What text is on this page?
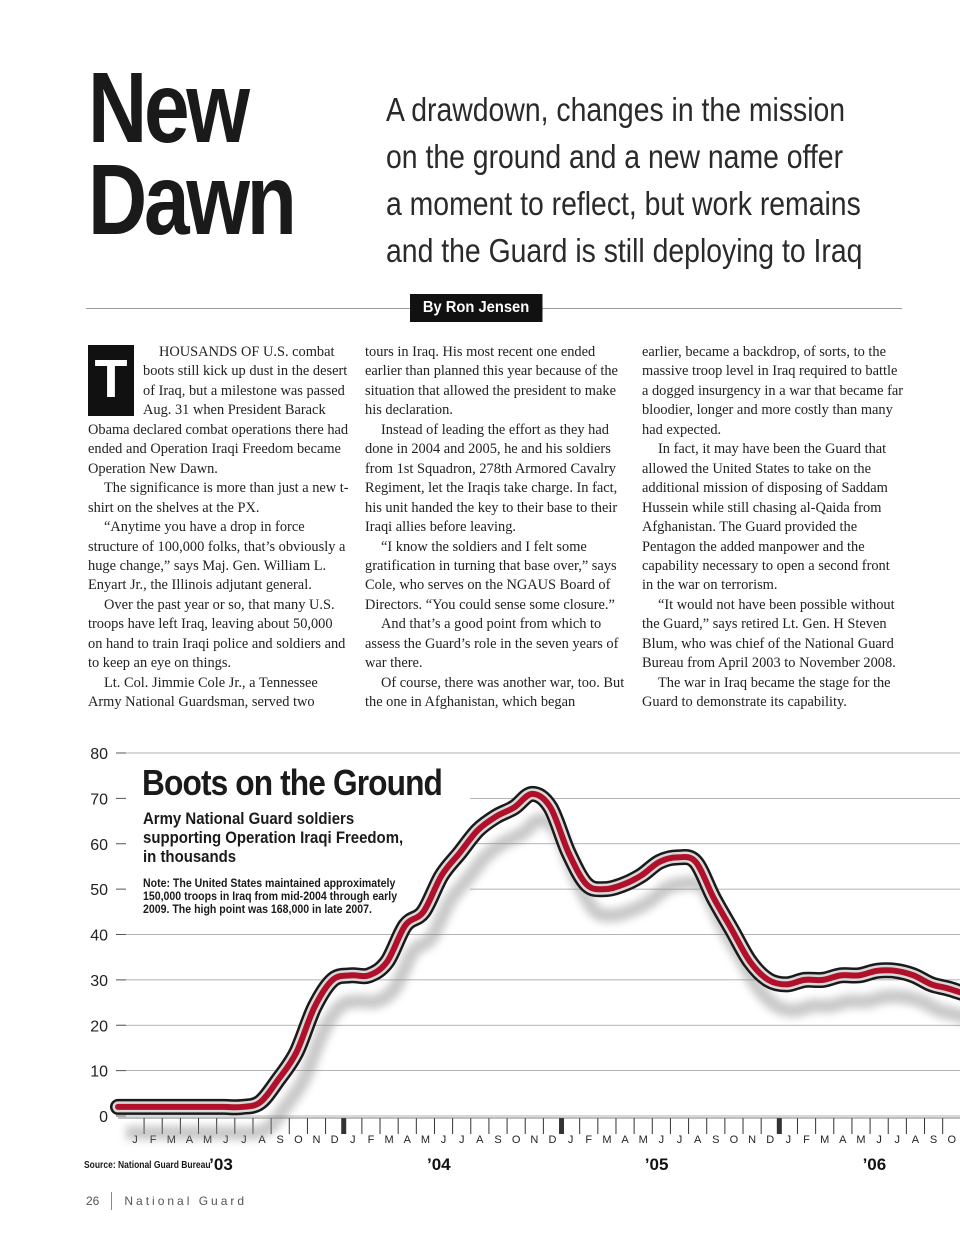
New
Dawn
A drawdown, changes in the mission
on the ground and a new name offer
a moment to reflect, but work remains
and the Guard is still deploying to Iraq
By Ron Jensen
T	HOUSANDS OF U.S. combat boots still kick up dust in the desert of Iraq, but a milestone was passed Aug. 31 when President Barack Obama declared combat operations there had ended and Operation Iraqi Freedom became Operation New Dawn.

The significance is more than just a new t-shirt on the shelves at the PX.

“Anytime you have a drop in force structure of 100,000 folks, that’s obviously a huge change,” says Maj. Gen. William L. Enyart Jr., the Illinois adjutant general.

Over the past year or so, that many U.S. troops have left Iraq, leaving about 50,000 on hand to train Iraqi police and soldiers and to keep an eye on things.

Lt. Col. Jimmie Cole Jr., a Tennessee Army National Guardsman, served two

tours in Iraq. His most recent one ended earlier than planned this year because of the situation that allowed the president to make his declaration.

Instead of leading the effort as they had done in 2004 and 2005, he and his soldiers from 1st Squadron, 278th Armored Cavalry Regiment, let the Iraqis take charge. In fact, his unit handed the key to their base to their Iraqi allies before leaving.

“I know the soldiers and I felt some gratification in turning that base over,” says Cole, who serves on the NGAUS Board of Directors. “You could sense some closure.”

And that’s a good point from which to assess the Guard’s role in the seven years of war there.

Of course, there was another war, too. But the one in Afghanistan, which began

earlier, became a backdrop, of sorts, to the massive troop level in Iraq required to battle a dogged insurgency in a war that became far bloodier, longer and more costly than many had expected.

In fact, it may have been the Guard that allowed the United States to take on the additional mission of disposing of Saddam Hussein while still chasing al-Qaida from Afghanistan. The Guard provided the Pentagon the added manpower and the capability necessary to open a second front in the war on terrorism.

“It would not have been possible without the Guard,” says retired Lt. Gen. H Steven Blum, who was chief of the National Guard Bureau from April 2003 to November 2008.

The war in Iraq became the stage for the Guard to demonstrate its capability.

0
10
20
30
40
50
60
70
80
J F M A M J J A S O N D J F M A M J J A S O N D J F M A M J J A S O N D J F M A M J J A S O
’03	’04	’05	’06
Boots on the Ground
Army National Guard soldiers supporting Operation Iraqi Freedom, in thousands
Note: The United States maintained approximately 150,000 troops in Iraq from mid-2004 through early 2009. The high point was 168,000 in late 2007.
Source: National Guard Bureau
26 National Guard
